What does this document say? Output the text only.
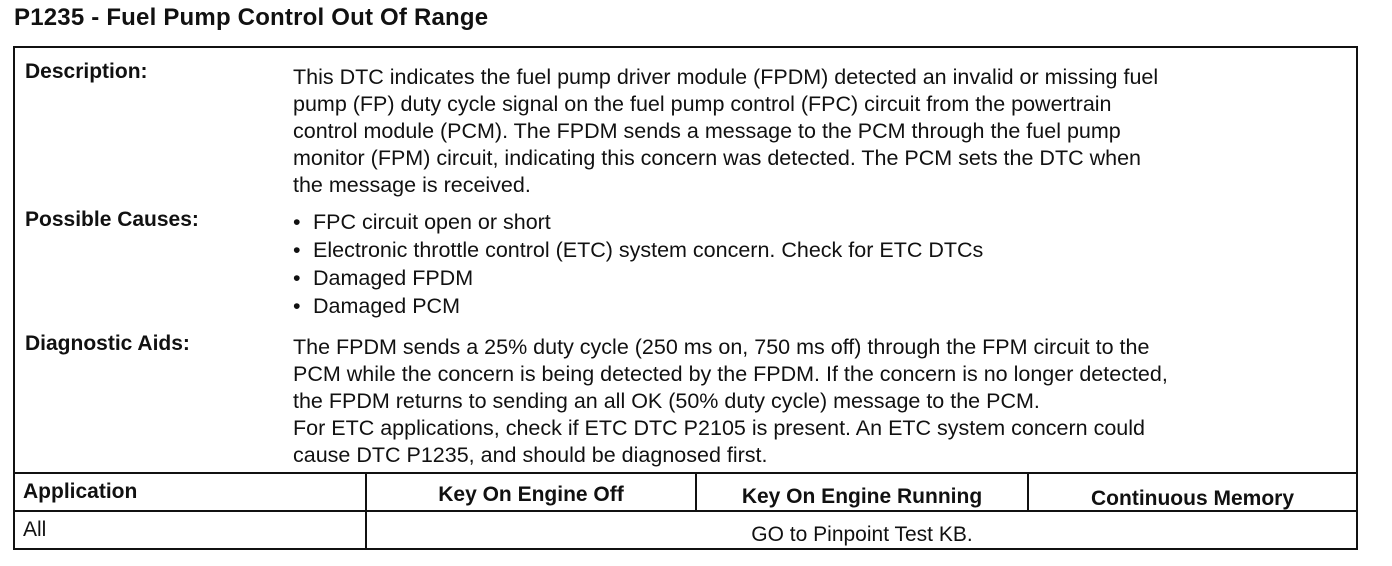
P1235 - Fuel Pump Control Out Of Range
Description:	This DTC indicates the fuel pump driver module (FPDM) detected an invalid or missing fuel

pump (FP) duty cycle signal on the fuel pump control (FPC) circuit from the powertrain

control module (PCM). The FPDM sends a message to the PCM through the fuel pump

monitor (FPM) circuit, indicating this concern was detected. The PCM sets the DTC when

the message is received.

Possible Causes:	• FPC circuit open or short
• Electronic throttle control (ETC) system concern. Check for ETC DTCs
• Damaged FPDM
• Damaged PCM
Diagnostic Aids:	The FPDM sends a 25% duty cycle (250 ms on, 750 ms off) through the FPM circuit to the

PCM while the concern is being detected by the FPDM. If the concern is no longer detected,

the FPDM returns to sending an all OK (50% duty cycle) message to the PCM.

For ETC applications, check if ETC DTC P2105 is present. An ETC system concern could

cause DTC P1235, and should be diagnosed first.

Application	Key On Engine Off	Key On Engine Running	Continuous Memory
All	GO to Pinpoint Test KB.
